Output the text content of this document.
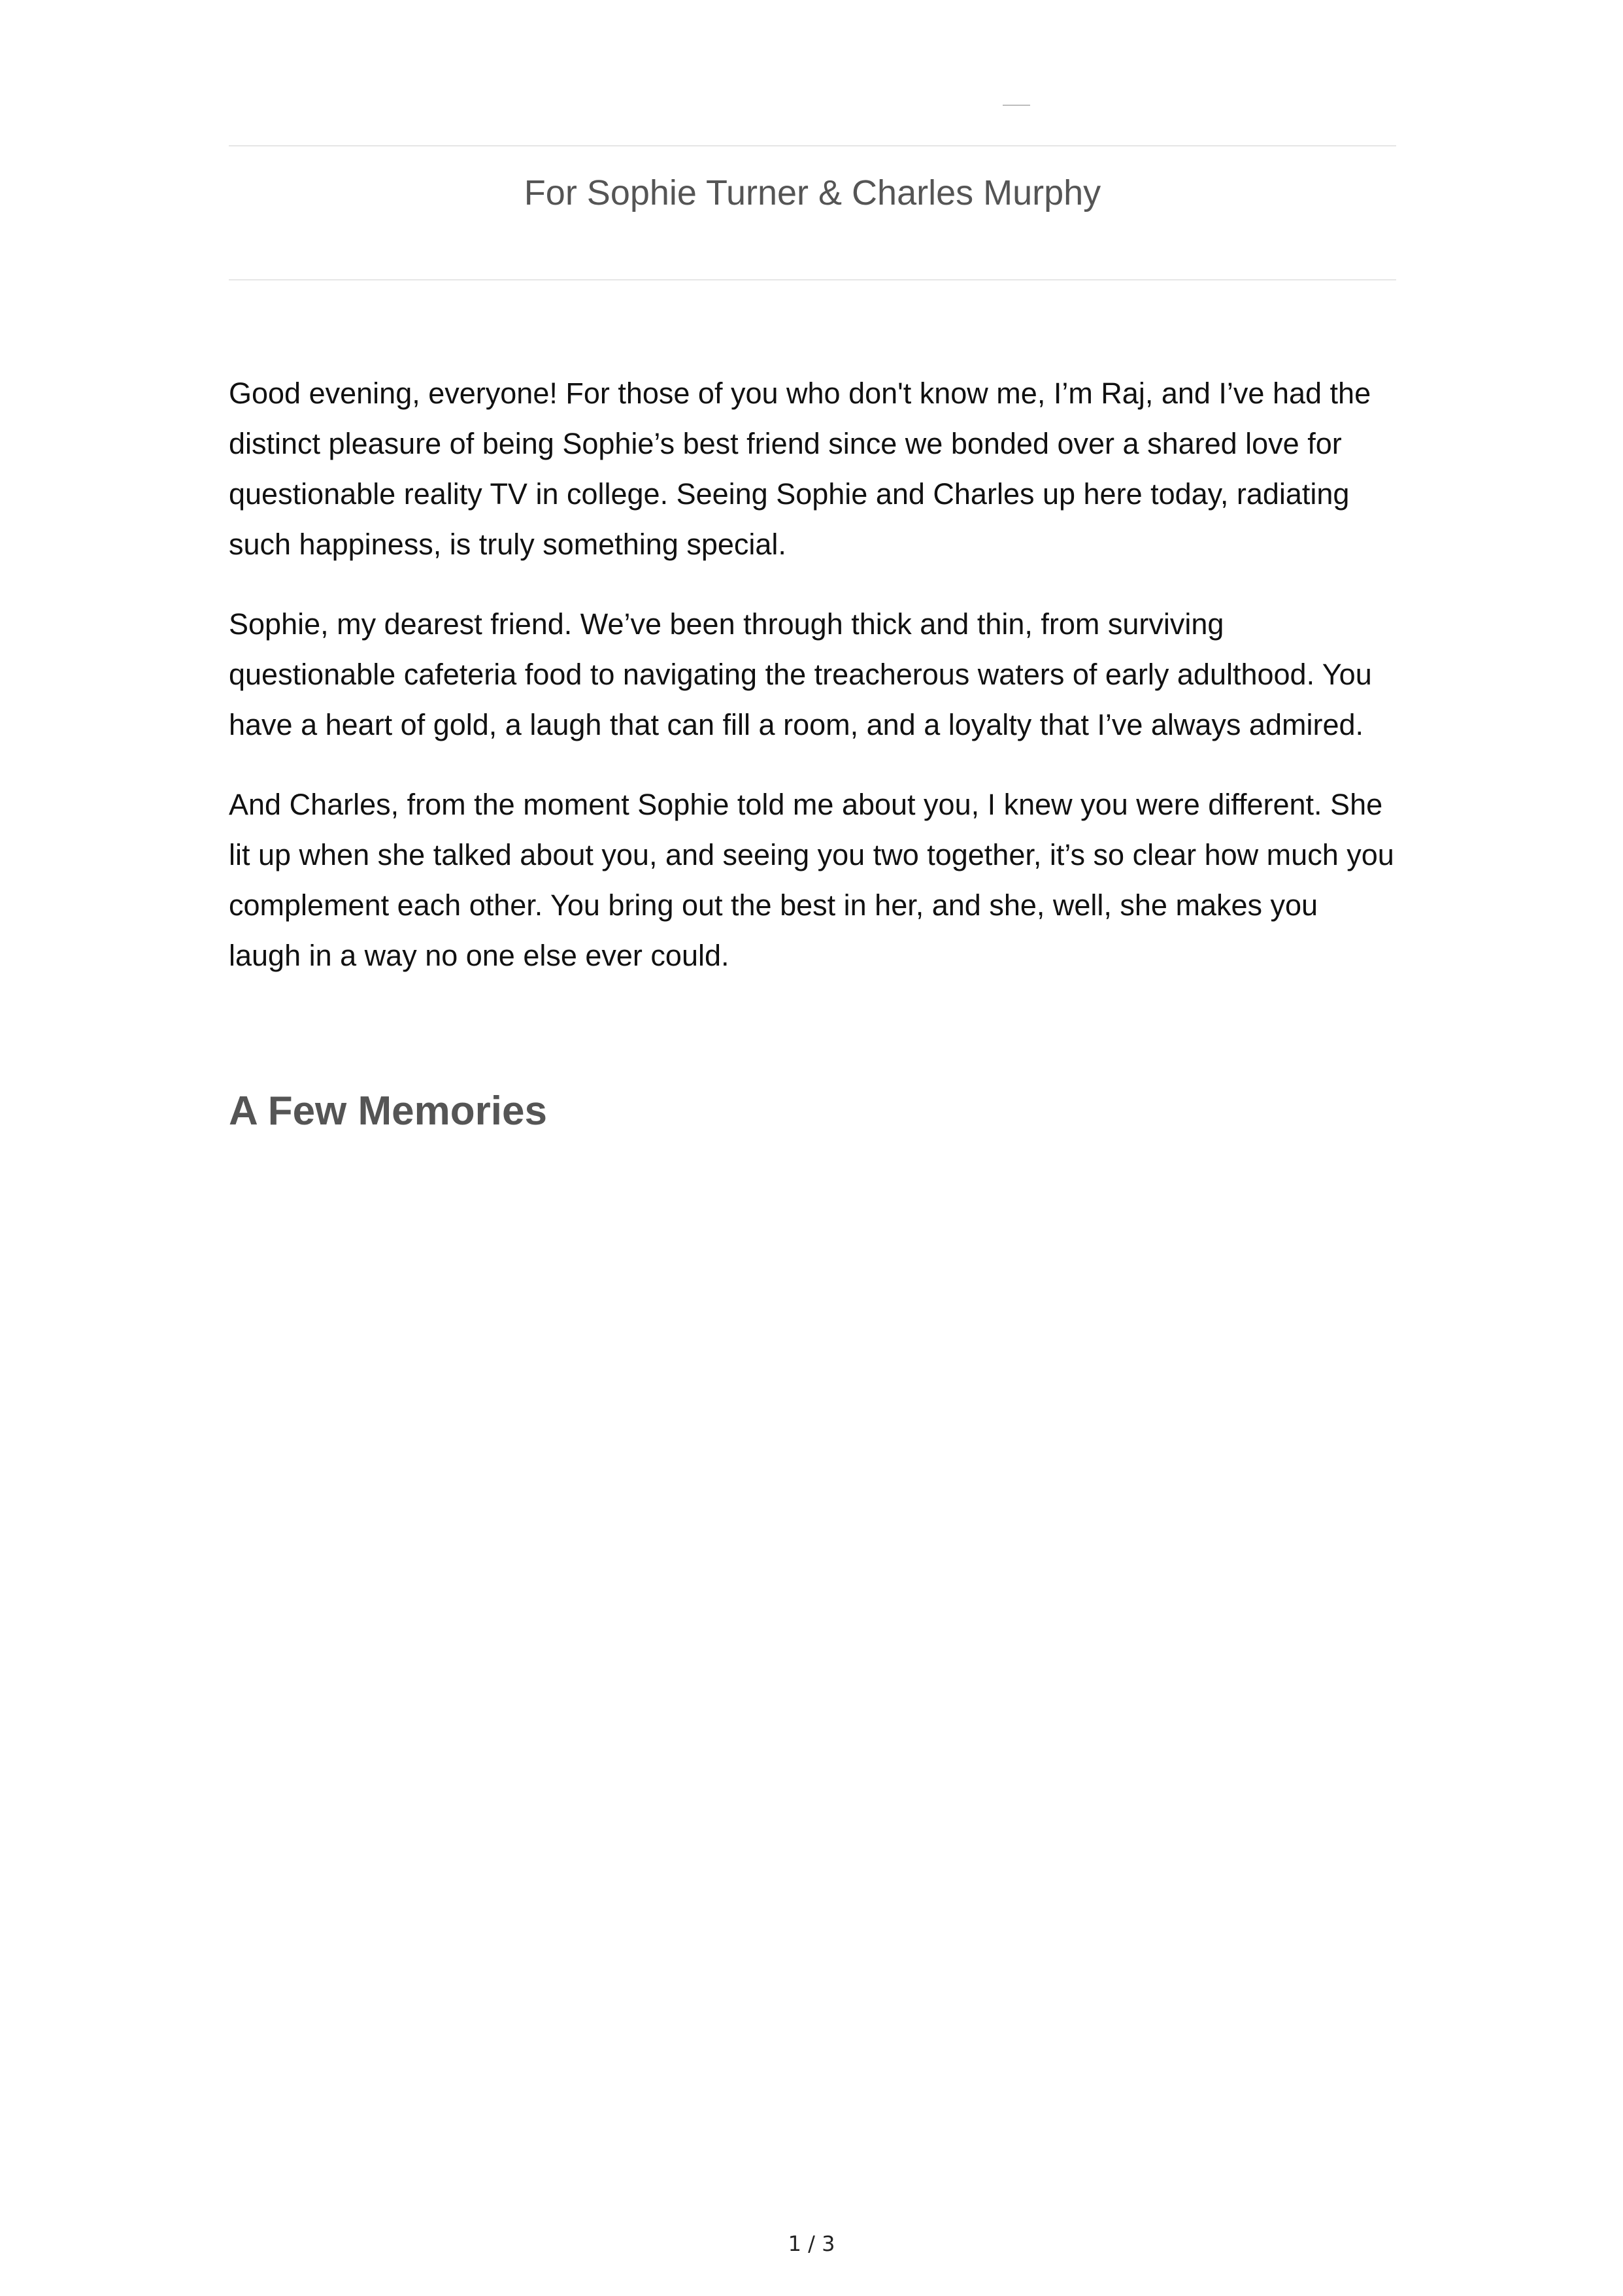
For Sophie Turner & Charles Murphy

Good evening, everyone! For those of you who don't know me, I’m Raj, and I’ve had the distinct pleasure of being Sophie’s best friend since we bonded over a shared love for questionable reality TV in college. Seeing Sophie and Charles up here today, radiating such happiness, is truly something special.

Sophie, my dearest friend. We’ve been through thick and thin, from surviving questionable cafeteria food to navigating the treacherous waters of early adulthood. You have a heart of gold, a laugh that can fill a room, and a loyalty that I’ve always admired.

And Charles, from the moment Sophie told me about you, I knew you were different. She lit up when she talked about you, and seeing you two together, it’s so clear how much you complement each other. You bring out the best in her, and she, well, she makes you laugh in a way no one else ever could.

A Few Memories
1 / 3
